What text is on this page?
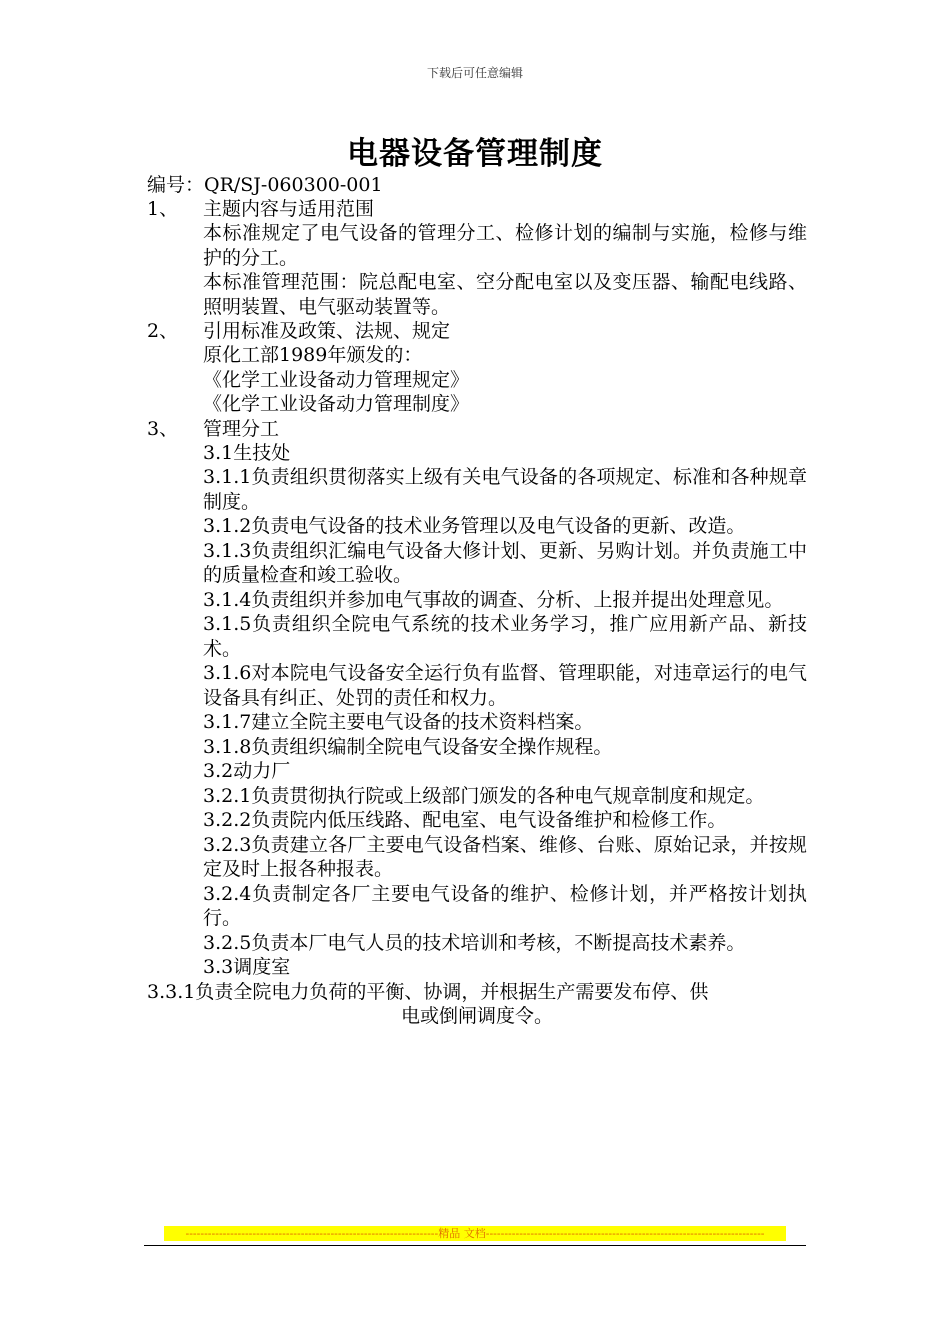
下载后可任意编辑
电器设备管理制度
编号：QR/SJ-060300-001
1、 主题内容与适用范围
本标准规定了电气设备的管理分工、检修计划的编制与实施，检修与维护的分工。
本标准管理范围：院总配电室、空分配电室以及变压器、输配电线路、照明装置、电气驱动装置等。
2、 引用标准及政策、法规、规定
原化工部1989年颁发的：
《化学工业设备动力管理规定》
《化学工业设备动力管理制度》
3、 管理分工
3.1生技处
3.1.1负责组织贯彻落实上级有关电气设备的各项规定、标准和各种规章制度。
3.1.2负责电气设备的技术业务管理以及电气设备的更新、改造。
3.1.3负责组织汇编电气设备大修计划、更新、另购计划。并负责施工中的质量检查和竣工验收。
3.1.4负责组织并参加电气事故的调查、分析、上报并提出处理意见。
3.1.5负责组织全院电气系统的技术业务学习，推广应用新产品、新技术。
3.1.6对本院电气设备安全运行负有监督、管理职能，对违章运行的电气设备具有纠正、处罚的责任和权力。
3.1.7建立全院主要电气设备的技术资料档案。
3.1.8负责组织编制全院电气设备安全操作规程。
3.2动力厂
3.2.1负责贯彻执行院或上级部门颁发的各种电气规章制度和规定。
3.2.2负责院内低压线路、配电室、电气设备维护和检修工作。
3.2.3负责建立各厂主要电气设备档案、维修、台账、原始记录，并按规定及时上报各种报表。
3.2.4负责制定各厂主要电气设备的维护、检修计划，并严格按计划执行。
3.2.5负责本厂电气人员的技术培训和考核，不断提高技术素养。
3.3调度室
3.3.1负责全院电力负荷的平衡、协调，并根据生产需要发布停、供
电或倒闸调度令。
--------------------------------------------------------------------精品 文档---------------------------------------------------------------------------
